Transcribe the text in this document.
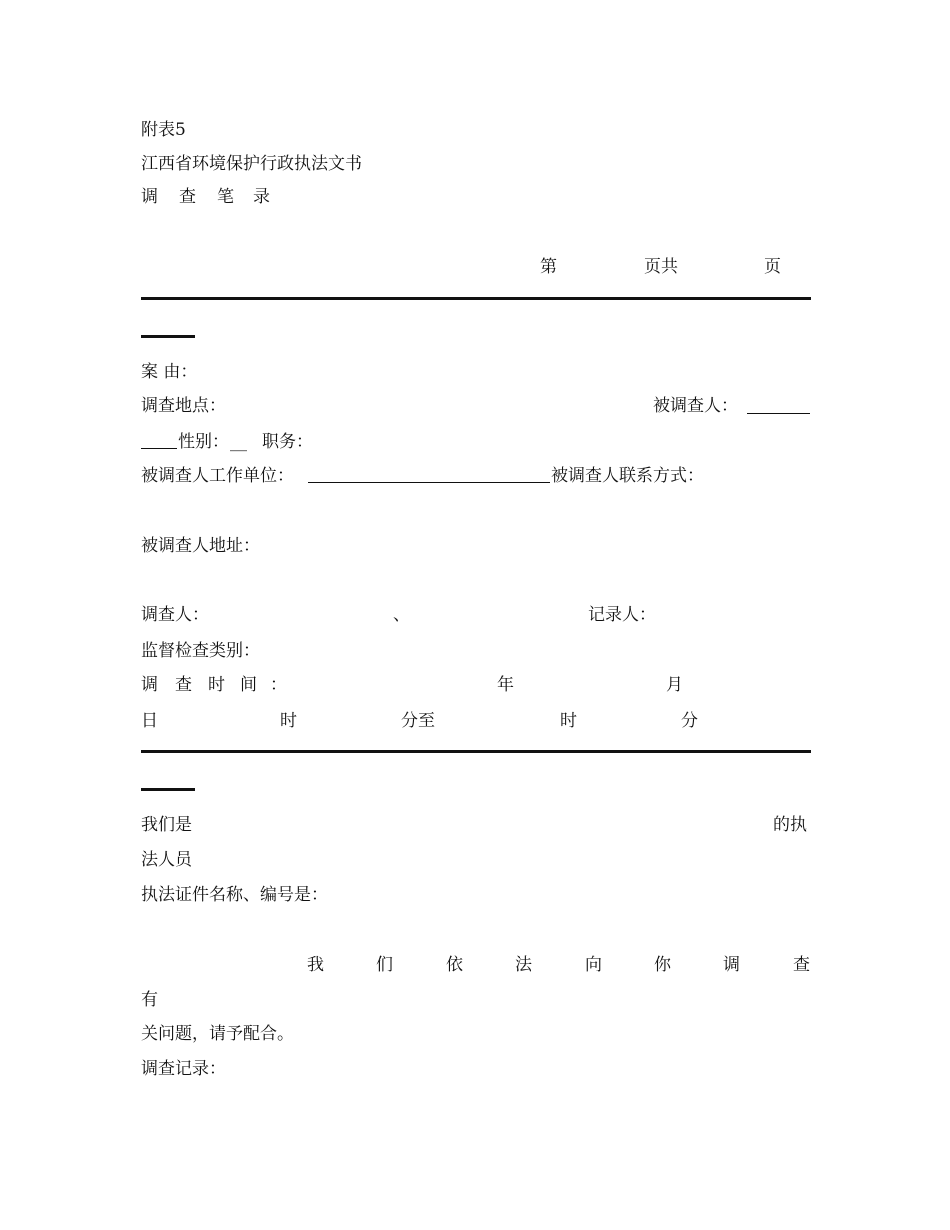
附表5
江西省环境保护行政执法文书
调 查 笔 录
第	页共	页
案 由：
调查地点：	被调查人：
性别： __ 职务：
被调查人工作单位：	被调查人联系方式：
被调查人地址：
调查人：	、	记录人：
监督检查类别：
调 查 时 间 ：	年	月
日	时	分至	时	分
我们是	的执
法人员
执法证件名称、编号是：
我	们	依	法	向	你	调	查
有
关问题，请予配合。
调查记录：
